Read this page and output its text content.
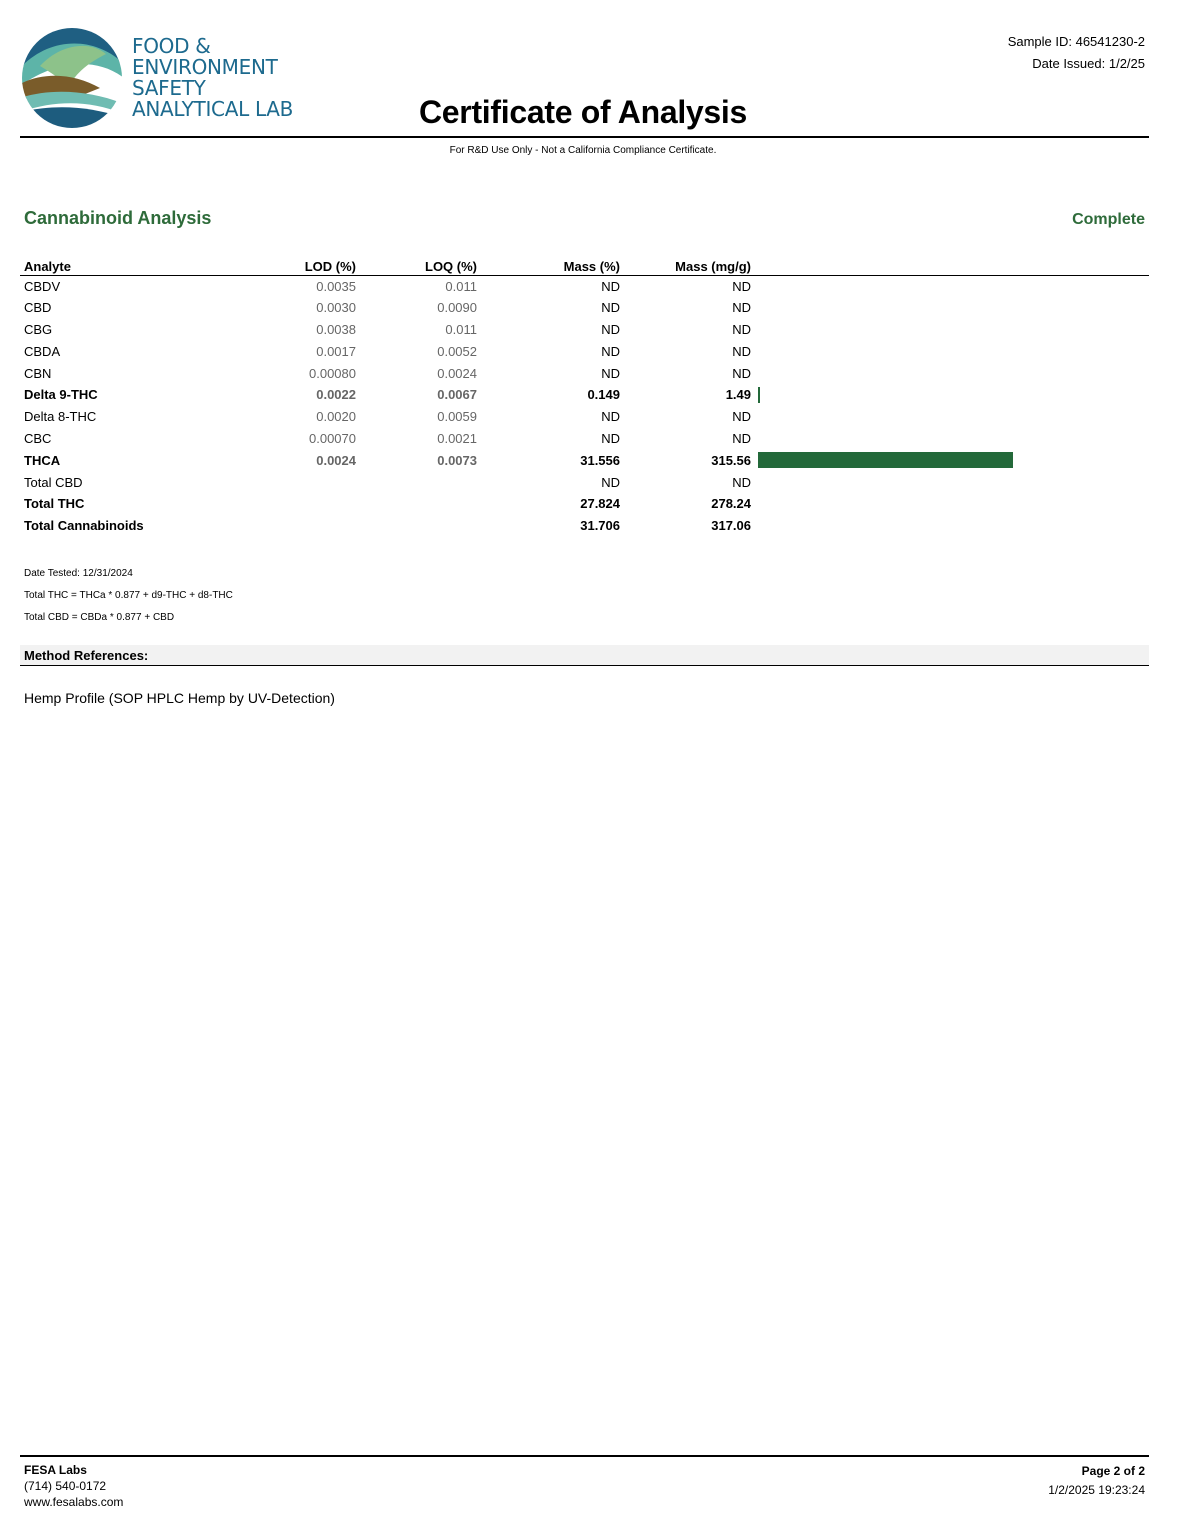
FOOD &
ENVIRONMENT
SAFETY
ANALYTICAL LAB
Sample ID: 46541230-2
Date Issued: 1/2/25
Certificate of Analysis
For R&D Use Only - Not a California Compliance Certificate.
Cannabinoid Analysis	Complete
Analyte	LOD (%)	LOQ (%)	Mass (%)	Mass (mg/g)	
CBDV	0.0035	0.011	ND	ND	
CBD	0.0030	0.0090	ND	ND	
CBG	0.0038	0.011	ND	ND	
CBDA	0.0017	0.0052	ND	ND	
CBN	0.00080	0.0024	ND	ND	
Delta 9-THC	0.0022	0.0067	0.149	1.49	

Delta 8-THC	0.0020	0.0059	ND	ND	
CBC	0.00070	0.0021	ND	ND	
THCA	0.0024	0.0073	31.556	315.56	

Total CBD			ND	ND	
Total THC			27.824	278.24	
Total Cannabinoids			31.706	317.06	
Date Tested: 12/31/2024
Total THC = THCa * 0.877 + d9-THC + d8-THC
Total CBD = CBDa * 0.877 + CBD
Method References:
Hemp Profile (SOP HPLC Hemp by UV-Detection)
FESA Labs
(714) 540-0172
www.fesalabs.com
Page 2 of 2
1/2/2025 19:23:24
